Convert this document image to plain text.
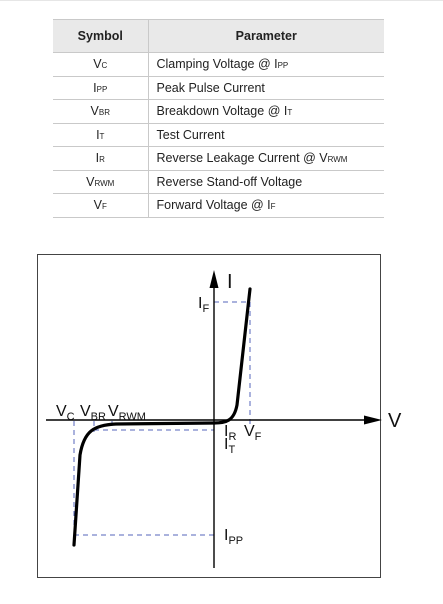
Symbol	Parameter
VC	Clamping Voltage @ IPP
IPP	Peak Pulse Current
VBR	Breakdown Voltage @ IT
IT	Test Current
IR	Reverse Leakage Current @ VRWM
VRWM	Reverse Stand-off Voltage
VF	Forward Voltage @ IF
I
V
$I_F$
$V_C$ $V_{BR}$ $V_{RWM}$
$I_R$ $V_F$
$I_T$
$I_{PP}$
